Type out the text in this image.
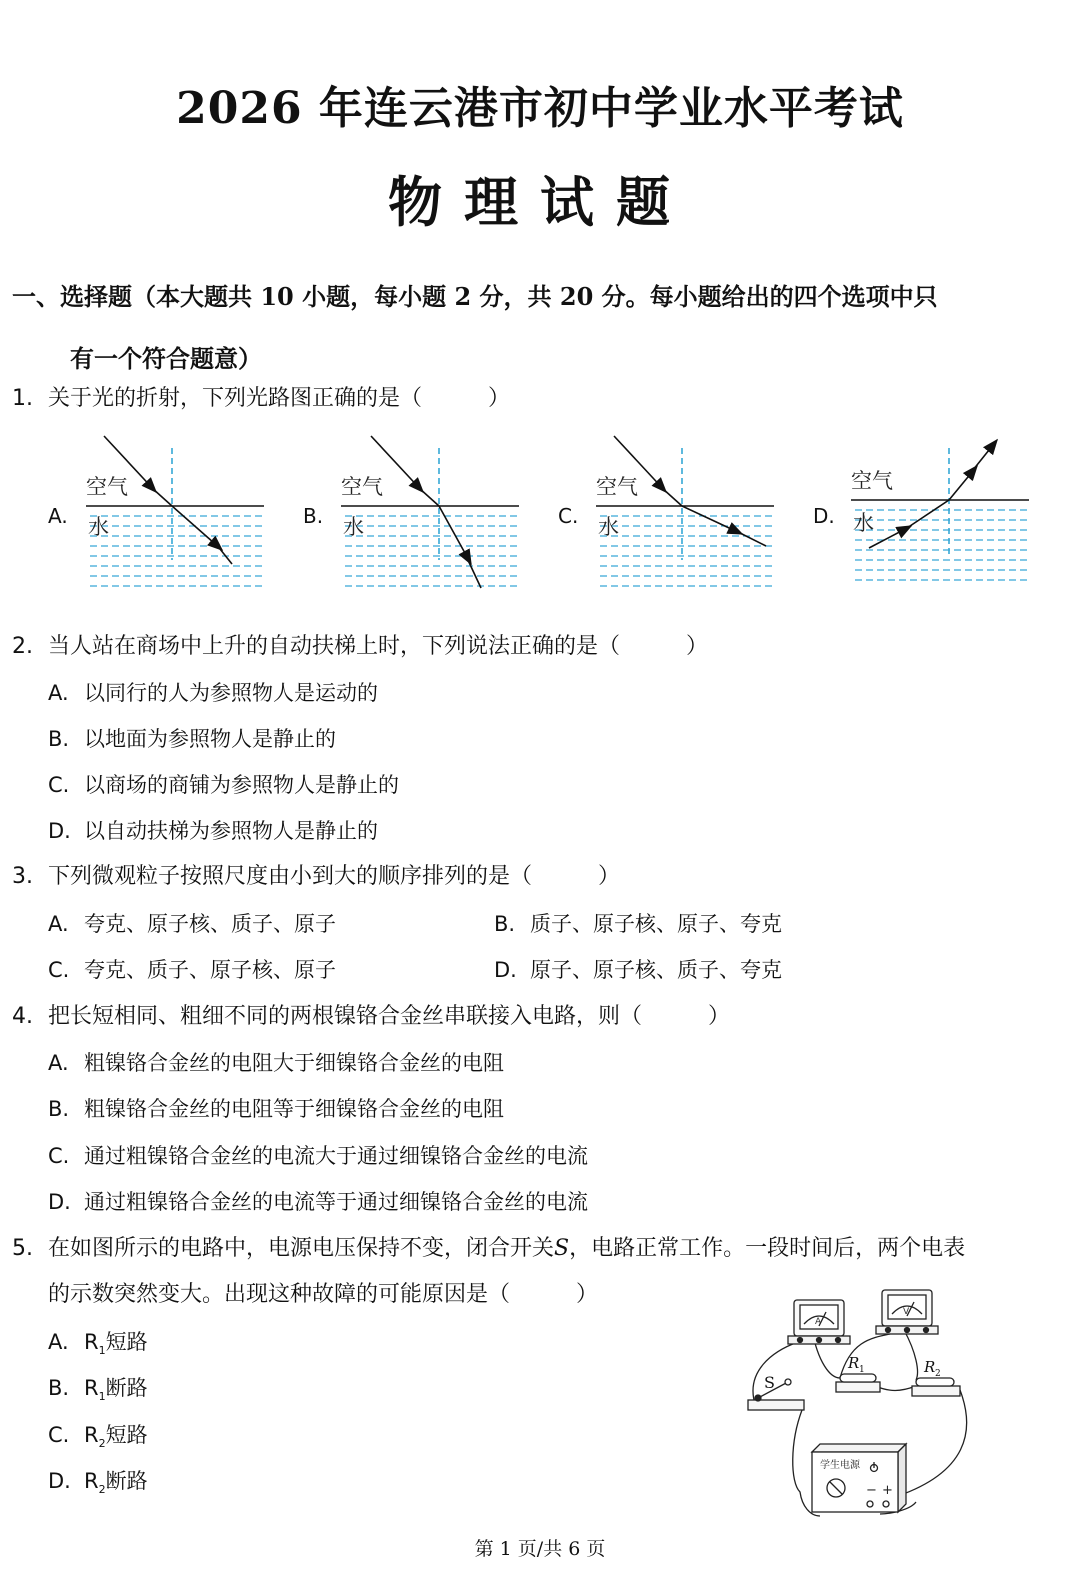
2026 年连云港市初中学业水平考试
物理试题
一、选择题（本大题共 10 小题，每小题 2 分，共 20 分。每小题给出的四个选项中只
有一个符合题意）
1. 关于光的折射，下列光路图正确的是（　　　）
A.
空气
水	B.
空气
水	C.
空气
水	D.
空气
水
2. 当人站在商场中上升的自动扶梯上时，下列说法正确的是（　　　）
A. 以同行的人为参照物人是运动的
B. 以地面为参照物人是静止的
C. 以商场的商铺为参照物人是静止的
D. 以自动扶梯为参照物人是静止的
3. 下列微观粒子按照尺度由小到大的顺序排列的是（　　　）
A. 夸克、原子核、质子、原子	B. 质子、原子核、原子、夸克
C. 夸克、质子、原子核、原子	D. 原子、原子核、质子、夸克
4. 把长短相同、粗细不同的两根镍铬合金丝串联接入电路，则（　　　）
A. 粗镍铬合金丝的电阻大于细镍铬合金丝的电阻
B. 粗镍铬合金丝的电阻等于细镍铬合金丝的电阻
C. 通过粗镍铬合金丝的电流大于通过细镍铬合金丝的电流
D. 通过粗镍铬合金丝的电流等于通过细镍铬合金丝的电流
5. 在如图所示的电路中，电源电压保持不变，闭合开关S，电路正常工作。一段时间后，两个电表
的示数突然变大。出现这种故障的可能原因是（　　　）
A. $R_1$短路
B. $R_1$断路
C. $R_2$短路
D. $R_2$断路
学生电源
− +
A
V
S
R 1	R 2
第 1 页/共 6 页
